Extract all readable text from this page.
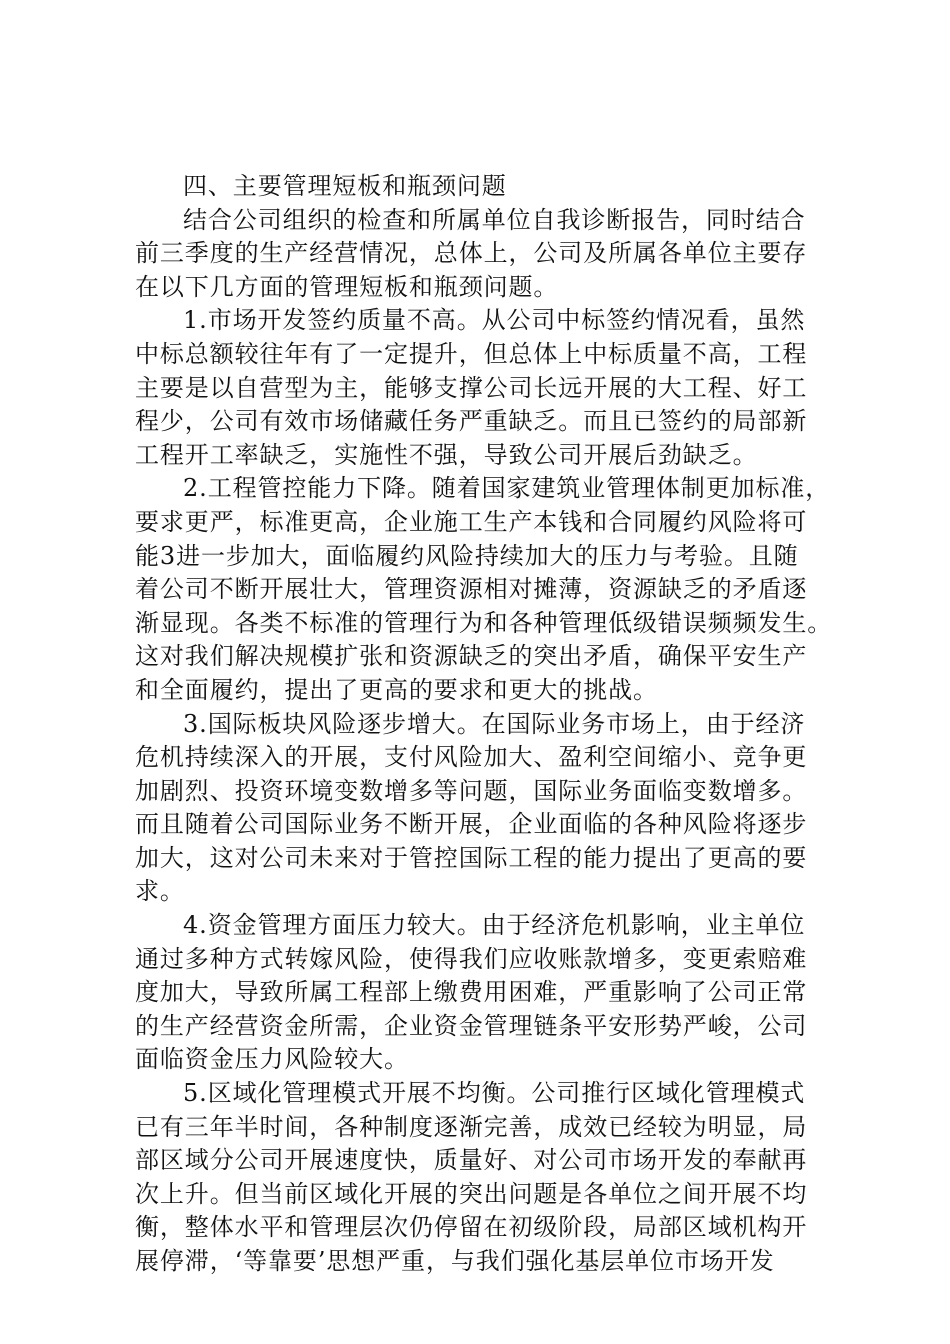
四、主要管理短板和瓶颈问题
结合公司组织的检查和所属单位自我诊断报告，同时结合
前三季度的生产经营情况，总体上，公司及所属各单位主要存
在以下几方面的管理短板和瓶颈问题。
1.市场开发签约质量不高。从公司中标签约情况看，虽然
中标总额较往年有了一定提升，但总体上中标质量不高，工程
主要是以自营型为主，能够支撑公司长远开展的大工程、好工
程少，公司有效市场储藏任务严重缺乏。而且已签约的局部新
工程开工率缺乏，实施性不强，导致公司开展后劲缺乏。
2.工程管控能力下降。随着国家建筑业管理体制更加标准，
要求更严，标准更高，企业施工生产本钱和合同履约风险将可
能3进一步加大，面临履约风险持续加大的压力与考验。且随
着公司不断开展壮大，管理资源相对摊薄，资源缺乏的矛盾逐
渐显现。各类不标准的管理行为和各种管理低级错误频频发生。
这对我们解决规模扩张和资源缺乏的突出矛盾，确保平安生产
和全面履约，提出了更高的要求和更大的挑战。
3.国际板块风险逐步增大。在国际业务市场上，由于经济
危机持续深入的开展，支付风险加大、盈利空间缩小、竞争更
加剧烈、投资环境变数增多等问题，国际业务面临变数增多。
而且随着公司国际业务不断开展，企业面临的各种风险将逐步
加大，这对公司未来对于管控国际工程的能力提出了更高的要
求。
4.资金管理方面压力较大。由于经济危机影响，业主单位
通过多种方式转嫁风险，使得我们应收账款增多，变更索赔难
度加大，导致所属工程部上缴费用困难，严重影响了公司正常
的生产经营资金所需，企业资金管理链条平安形势严峻，公司
面临资金压力风险较大。
5.区域化管理模式开展不均衡。公司推行区域化管理模式
已有三年半时间，各种制度逐渐完善，成效已经较为明显，局
部区域分公司开展速度快，质量好、对公司市场开发的奉献再
次上升。但当前区域化开展的突出问题是各单位之间开展不均
衡，整体水平和管理层次仍停留在初级阶段，局部区域机构开
展停滞，‘等靠要’思想严重，与我们强化基层单位市场开发
